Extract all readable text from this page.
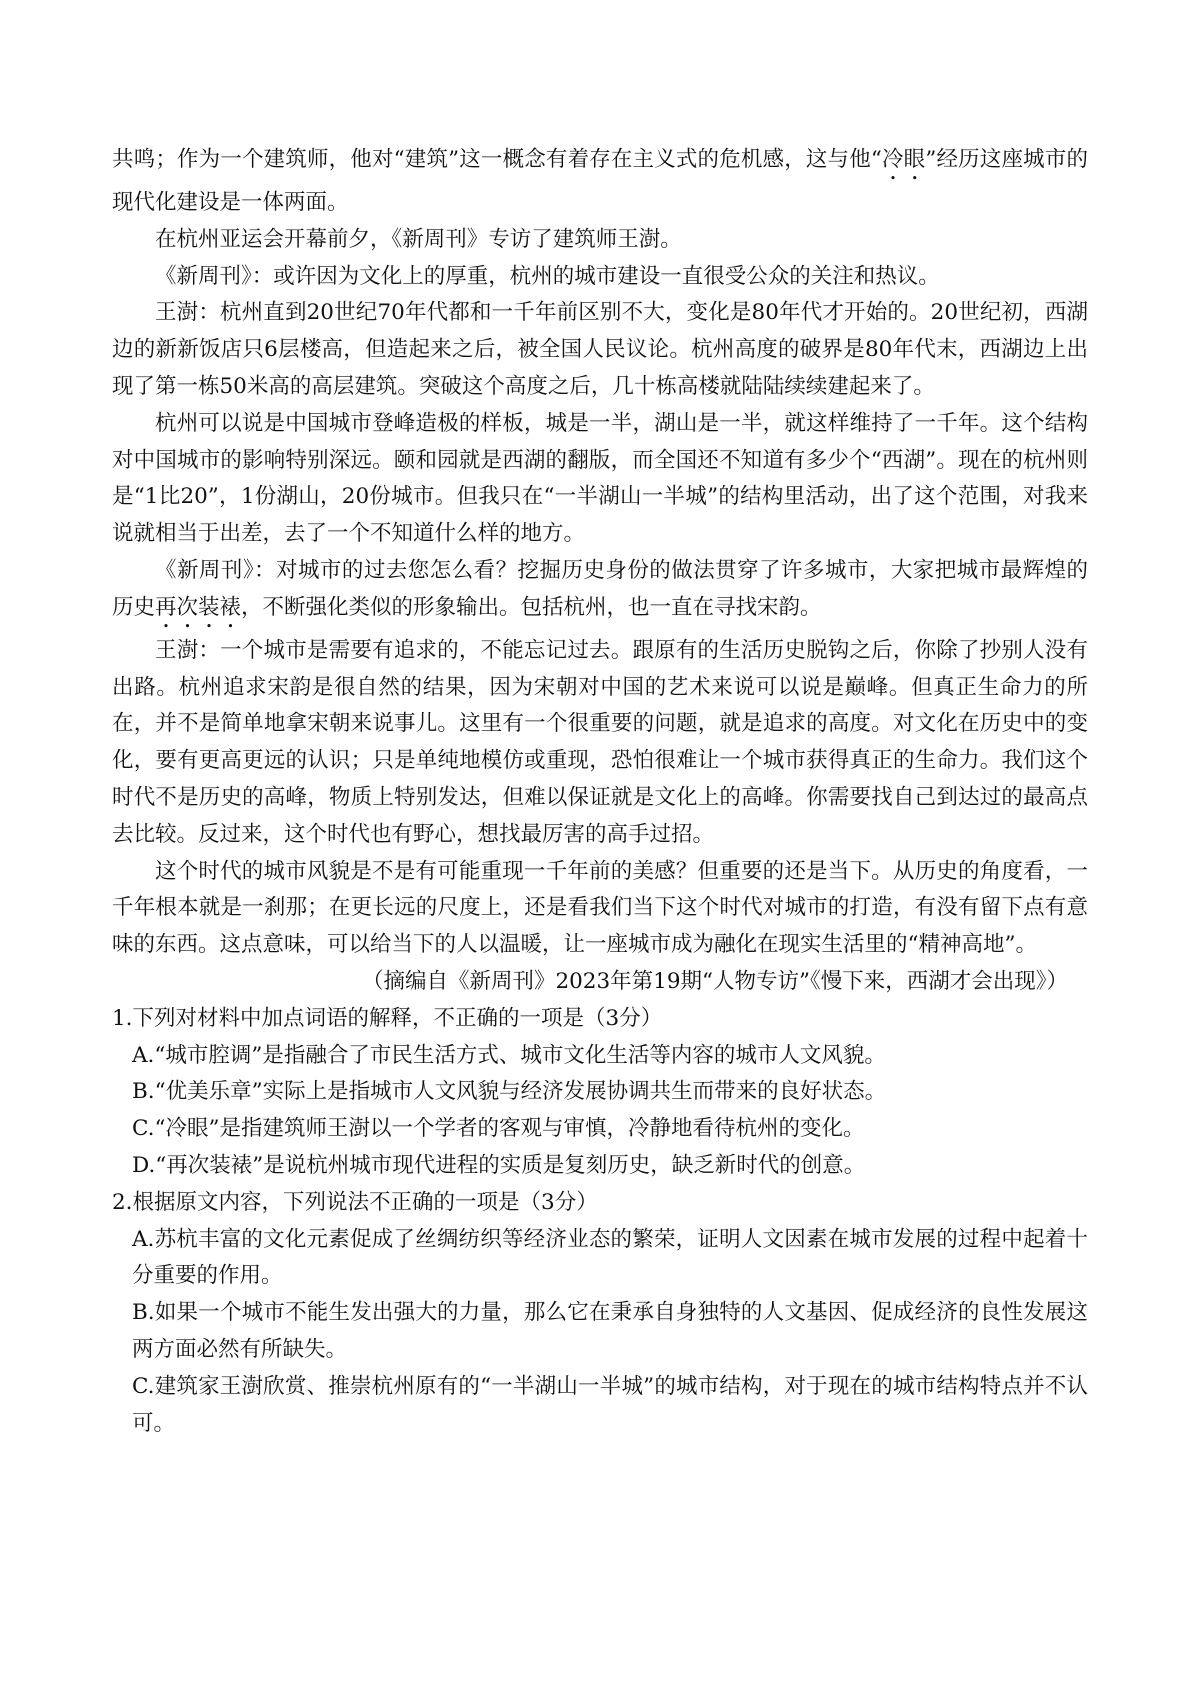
共鸣；作为一个建筑师，他对“建筑”这一概念有着存在主义式的危机感，这与他“冷眼”经历这座城市的现代化建设是一体两面。

在杭州亚运会开幕前夕，《新周刊》专访了建筑师王澍。

《新周刊》：或许因为文化上的厚重，杭州的城市建设一直很受公众的关注和热议。

王澍：杭州直到20世纪70年代都和一千年前区别不大，变化是80年代才开始的。20世纪初，西湖边的新新饭店只6层楼高，但造起来之后，被全国人民议论。杭州高度的破界是80年代末，西湖边上出现了第一栋50米高的高层建筑。突破这个高度之后，几十栋高楼就陆陆续续建起来了。

杭州可以说是中国城市登峰造极的样板，城是一半，湖山是一半，就这样维持了一千年。这个结构对中国城市的影响特别深远。颐和园就是西湖的翻版，而全国还不知道有多少个“西湖”。现在的杭州则是“1比20”，1份湖山，20份城市。但我只在“一半湖山一半城”的结构里活动，出了这个范围，对我来说就相当于出差，去了一个不知道什么样的地方。

《新周刊》：对城市的过去您怎么看？挖掘历史身份的做法贯穿了许多城市，大家把城市最辉煌的历史再次装裱，不断强化类似的形象输出。包括杭州，也一直在寻找宋韵。

王澍：一个城市是需要有追求的，不能忘记过去。跟原有的生活历史脱钩之后，你除了抄别人没有出路。杭州追求宋韵是很自然的结果，因为宋朝对中国的艺术来说可以说是巅峰。但真正生命力的所在，并不是简单地拿宋朝来说事儿。这里有一个很重要的问题，就是追求的高度。对文化在历史中的变化，要有更高更远的认识；只是单纯地模仿或重现，恐怕很难让一个城市获得真正的生命力。我们这个时代不是历史的高峰，物质上特别发达，但难以保证就是文化上的高峰。你需要找自己到达过的最高点去比较。反过来，这个时代也有野心，想找最厉害的高手过招。

这个时代的城市风貌是不是有可能重现一千年前的美感？但重要的还是当下。从历史的角度看，一千年根本就是一刹那；在更长远的尺度上，还是看我们当下这个时代对城市的打造，有没有留下点有意味的东西。这点意味，可以给当下的人以温暖，让一座城市成为融化在现实生活里的“精神高地”。

（摘编自《新周刊》2023年第19期“人物专访”《慢下来，西湖才会出现》）

1.下列对材料中加点词语的解释，不正确的一项是（3分）

A.“城市腔调”是指融合了市民生活方式、城市文化生活等内容的城市人文风貌。

B.“优美乐章”实际上是指城市人文风貌与经济发展协调共生而带来的良好状态。

C.“冷眼”是指建筑师王澍以一个学者的客观与审慎，冷静地看待杭州的变化。

D.“再次装裱”是说杭州城市现代进程的实质是复刻历史，缺乏新时代的创意。

2.根据原文内容，下列说法不正确的一项是（3分）

A.苏杭丰富的文化元素促成了丝绸纺织等经济业态的繁荣，证明人文因素在城市发展的过程中起着十分重要的作用。

B.如果一个城市不能生发出强大的力量，那么它在秉承自身独特的人文基因、促成经济的良性发展这两方面必然有所缺失。

C.建筑家王澍欣赏、推崇杭州原有的“一半湖山一半城”的城市结构，对于现在的城市结构特点并不认可。
